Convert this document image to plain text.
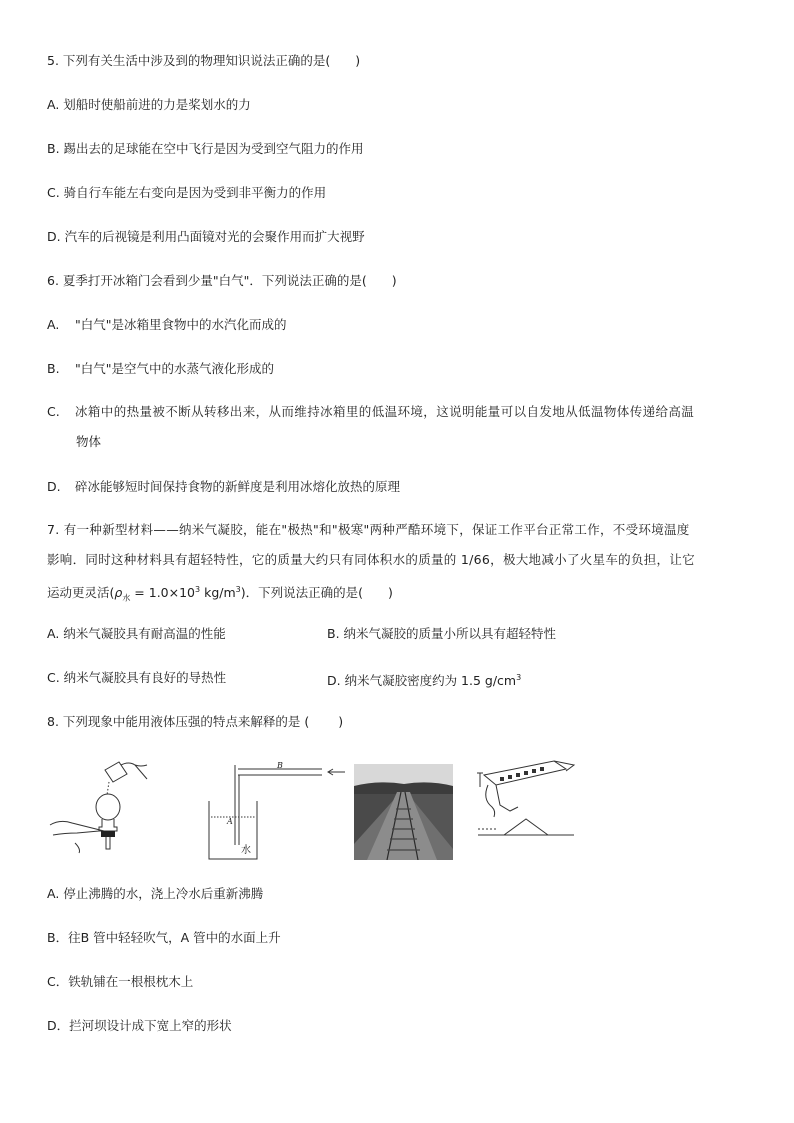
5. 下列有关生活中涉及到的物理知识说法正确的是(　　)
A. 划船时使船前进的力是桨划水的力
B. 踢出去的足球能在空中飞行是因为受到空气阻力的作用
C. 骑自行车能左右变向是因为受到非平衡力的作用
D. 汽车的后视镜是利用凸面镜对光的会聚作用而扩大视野
6. 夏季打开冰箱门会看到少量"白气"．下列说法正确的是(　　)
A. "白气"是冰箱里食物中的水汽化而成的
B. "白气"是空气中的水蒸气液化形成的
C. 冰箱中的热量被不断从转移出来，从而维持冰箱里的低温环境，这说明能量可以自发地从低温物体传递给高温
物体
D. 碎冰能够短时间保持食物的新鲜度是利用冰熔化放热的原理
7. 有一种新型材料——纳米气凝胶，能在"极热"和"极寒"两种严酷环境下，保证工作平台正常工作，不受环境温度
影响．同时这种材料具有超轻特性，它的质量大约只有同体积水的质量的 1/66，极大地减小了火星车的负担，让它
运动更灵活($\rho_水 = 1.0\times 10^3$ $kg/m^3$)．下列说法正确的是(　　)
A. 纳米气凝胶具有耐高温的性能	B. 纳米气凝胶的质量小所以具有超轻特性
C. 纳米气凝胶具有良好的导热性	D. 纳米气凝胶密度约为 1.5 $g/cm^3$
8. 下列现象中能用液体压强的特点来解释的是 (　　 )
B
A
水
A. 停止沸腾的水，浇上冷水后重新沸腾
B．往B 管中轻轻吹气，A 管中的水面上升
C．铁轨铺在一根根枕木上
D．拦河坝设计成下宽上窄的形状
